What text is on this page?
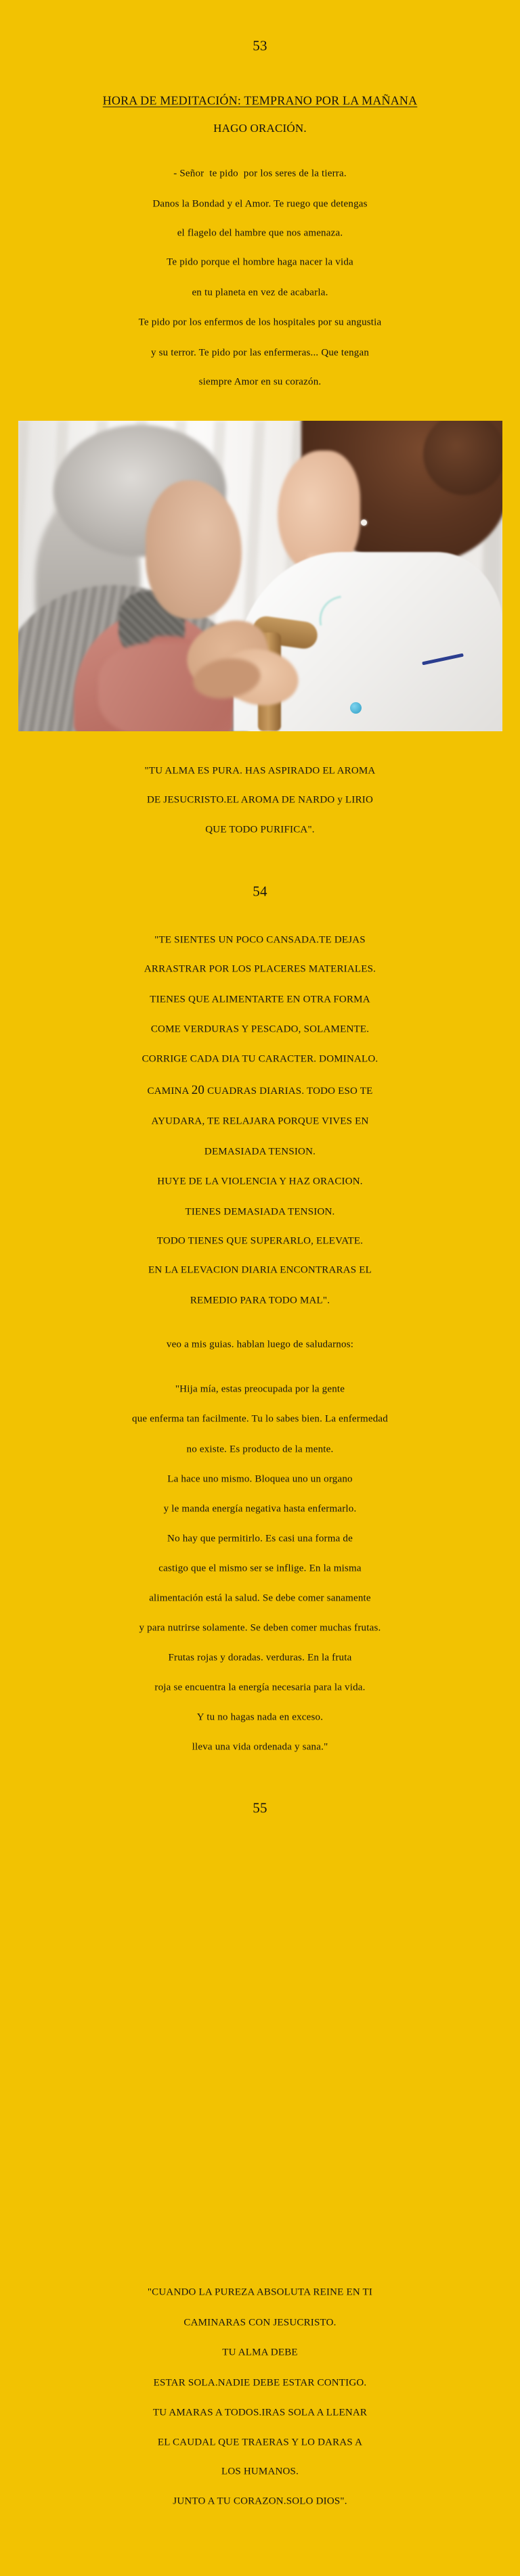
53
HORA DE MEDITACIÓN: TEMPRANO POR LA MAÑANA
HAGO ORACIÓN.
- Señor  te pido  por los seres de la tierra.
Danos la Bondad y el Amor. Te ruego que detengas
el flagelo del hambre que nos amenaza.
Te pido porque el hombre haga nacer la vida
en tu planeta en vez de acabarla.
Te pido por los enfermos de los hospitales por su angustia
y su terror. Te pido por las enfermeras... Que tengan
siempre Amor en su corazón.
"TU ALMA ES PURA. HAS ASPIRADO EL AROMA
DE JESUCRISTO.EL AROMA DE NARDO y LIRIO
QUE TODO PURIFICA".
54
"TE SIENTES UN POCO CANSADA.TE DEJAS
ARRASTRAR POR LOS PLACERES MATERIALES.
TIENES QUE ALIMENTARTE EN OTRA FORMA
COME VERDURAS Y PESCADO, SOLAMENTE.
CORRIGE CADA DIA TU CARACTER. DOMINALO.
CAMINA 20 CUADRAS DIARIAS. TODO ESO TE
AYUDARA, TE RELAJARA PORQUE VIVES EN
DEMASIADA TENSION.
HUYE DE LA VIOLENCIA Y HAZ ORACION.
TIENES DEMASIADA TENSION.
TODO TIENES QUE SUPERARLO, ELEVATE.
EN LA ELEVACION DIARIA ENCONTRARAS EL
REMEDIO PARA TODO MAL".
veo a mis guias. hablan luego de saludarnos:
"Hija mía, estas preocupada por la gente
que enferma tan facilmente. Tu lo sabes bien. La enfermedad
no existe. Es producto de la mente.
La hace uno mismo. Bloquea uno un organo
y le manda energía negativa hasta enfermarlo.
No hay que permitirlo. Es casi una forma de
castigo que el mismo ser se inflige. En la misma
alimentación está la salud. Se debe comer sanamente
y para nutrirse solamente. Se deben comer muchas frutas.
Frutas rojas y doradas. verduras. En la fruta
roja se encuentra la energía necesaria para la vida.
Y tu no hagas nada en exceso.
lleva una vida ordenada y sana."
55
"CUANDO LA PUREZA ABSOLUTA REINE EN TI
CAMINARAS CON JESUCRISTO.
TU ALMA DEBE
ESTAR SOLA.NADIE DEBE ESTAR CONTIGO.
TU AMARAS A TODOS.IRAS SOLA A LLENAR
EL CAUDAL QUE TRAERAS Y LO DARAS A
LOS HUMANOS.
JUNTO A TU CORAZON.SOLO DIOS".
